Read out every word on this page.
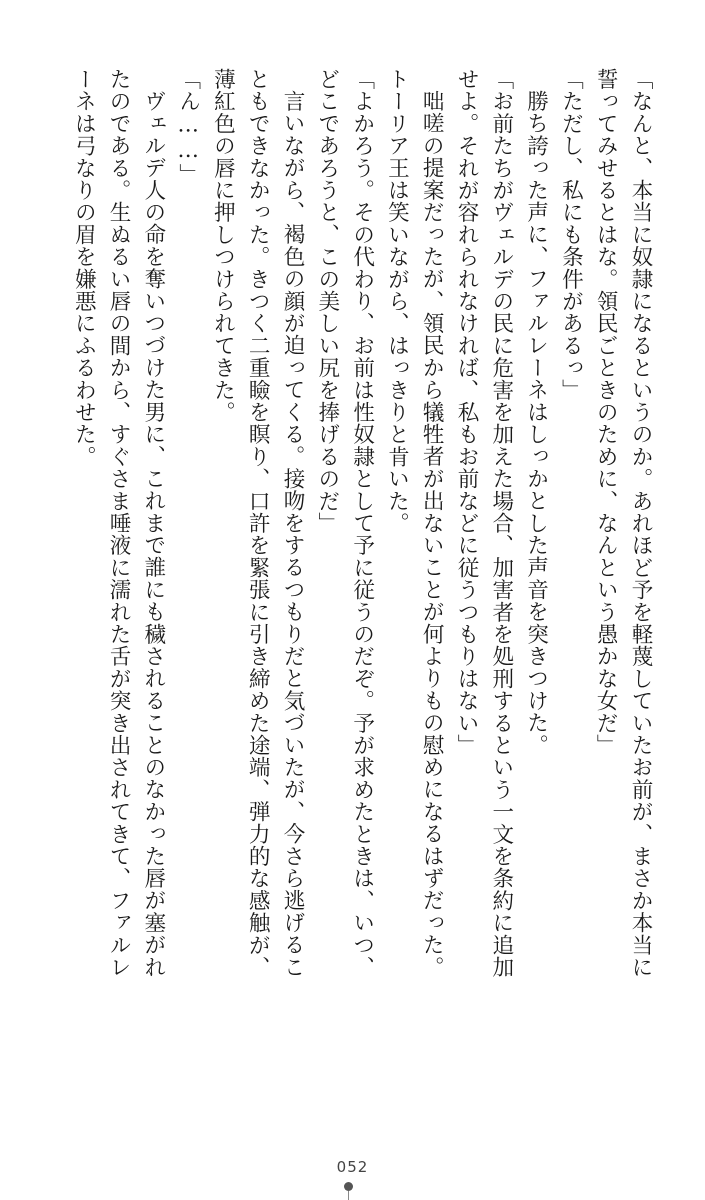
「なんと、本当に奴隷になるというのか。あれほど予を軽蔑していたお前が、まさか本当に誓ってみせるとはな。領民ごときのために、なんという愚かな女だ」

「ただし、私にも条件があるっ」

勝ち誇った声に、ファルレーネはしっかとした声音を突きつけた。

「お前たちがヴェルデの民に危害を加えた場合、加害者を処刑するという一文を条約に追加せよ。それが容れられなければ、私もお前などに従うつもりはない」

咄嗟の提案だったが、領民から犠牲者が出ないことが何よりもの慰めになるはずだった。トーリア王は笑いながら、はっきりと肯いた。

「よかろう。その代わり、お前は性奴隷として予に従うのだぞ。予が求めたときは、いつ、どこであろうと、この美しい尻を捧げるのだ」

言いながら、褐色の顔が迫ってくる。接吻をするつもりだと気づいたが、今さら逃げることもできなかった。きつく二重瞼を瞑り、口許を緊張に引き締めた途端、弾力的な感触が、薄紅色の唇に押しつけられてきた。

「ん……」

ヴェルデ人の命を奪いつづけた男に、これまで誰にも穢されることのなかった唇が塞がれたのである。生ぬるい唇の間から、すぐさま唾液に濡れた舌が突き出されてきて、ファルレーネは弓なりの眉を嫌悪にふるわせた。

052
